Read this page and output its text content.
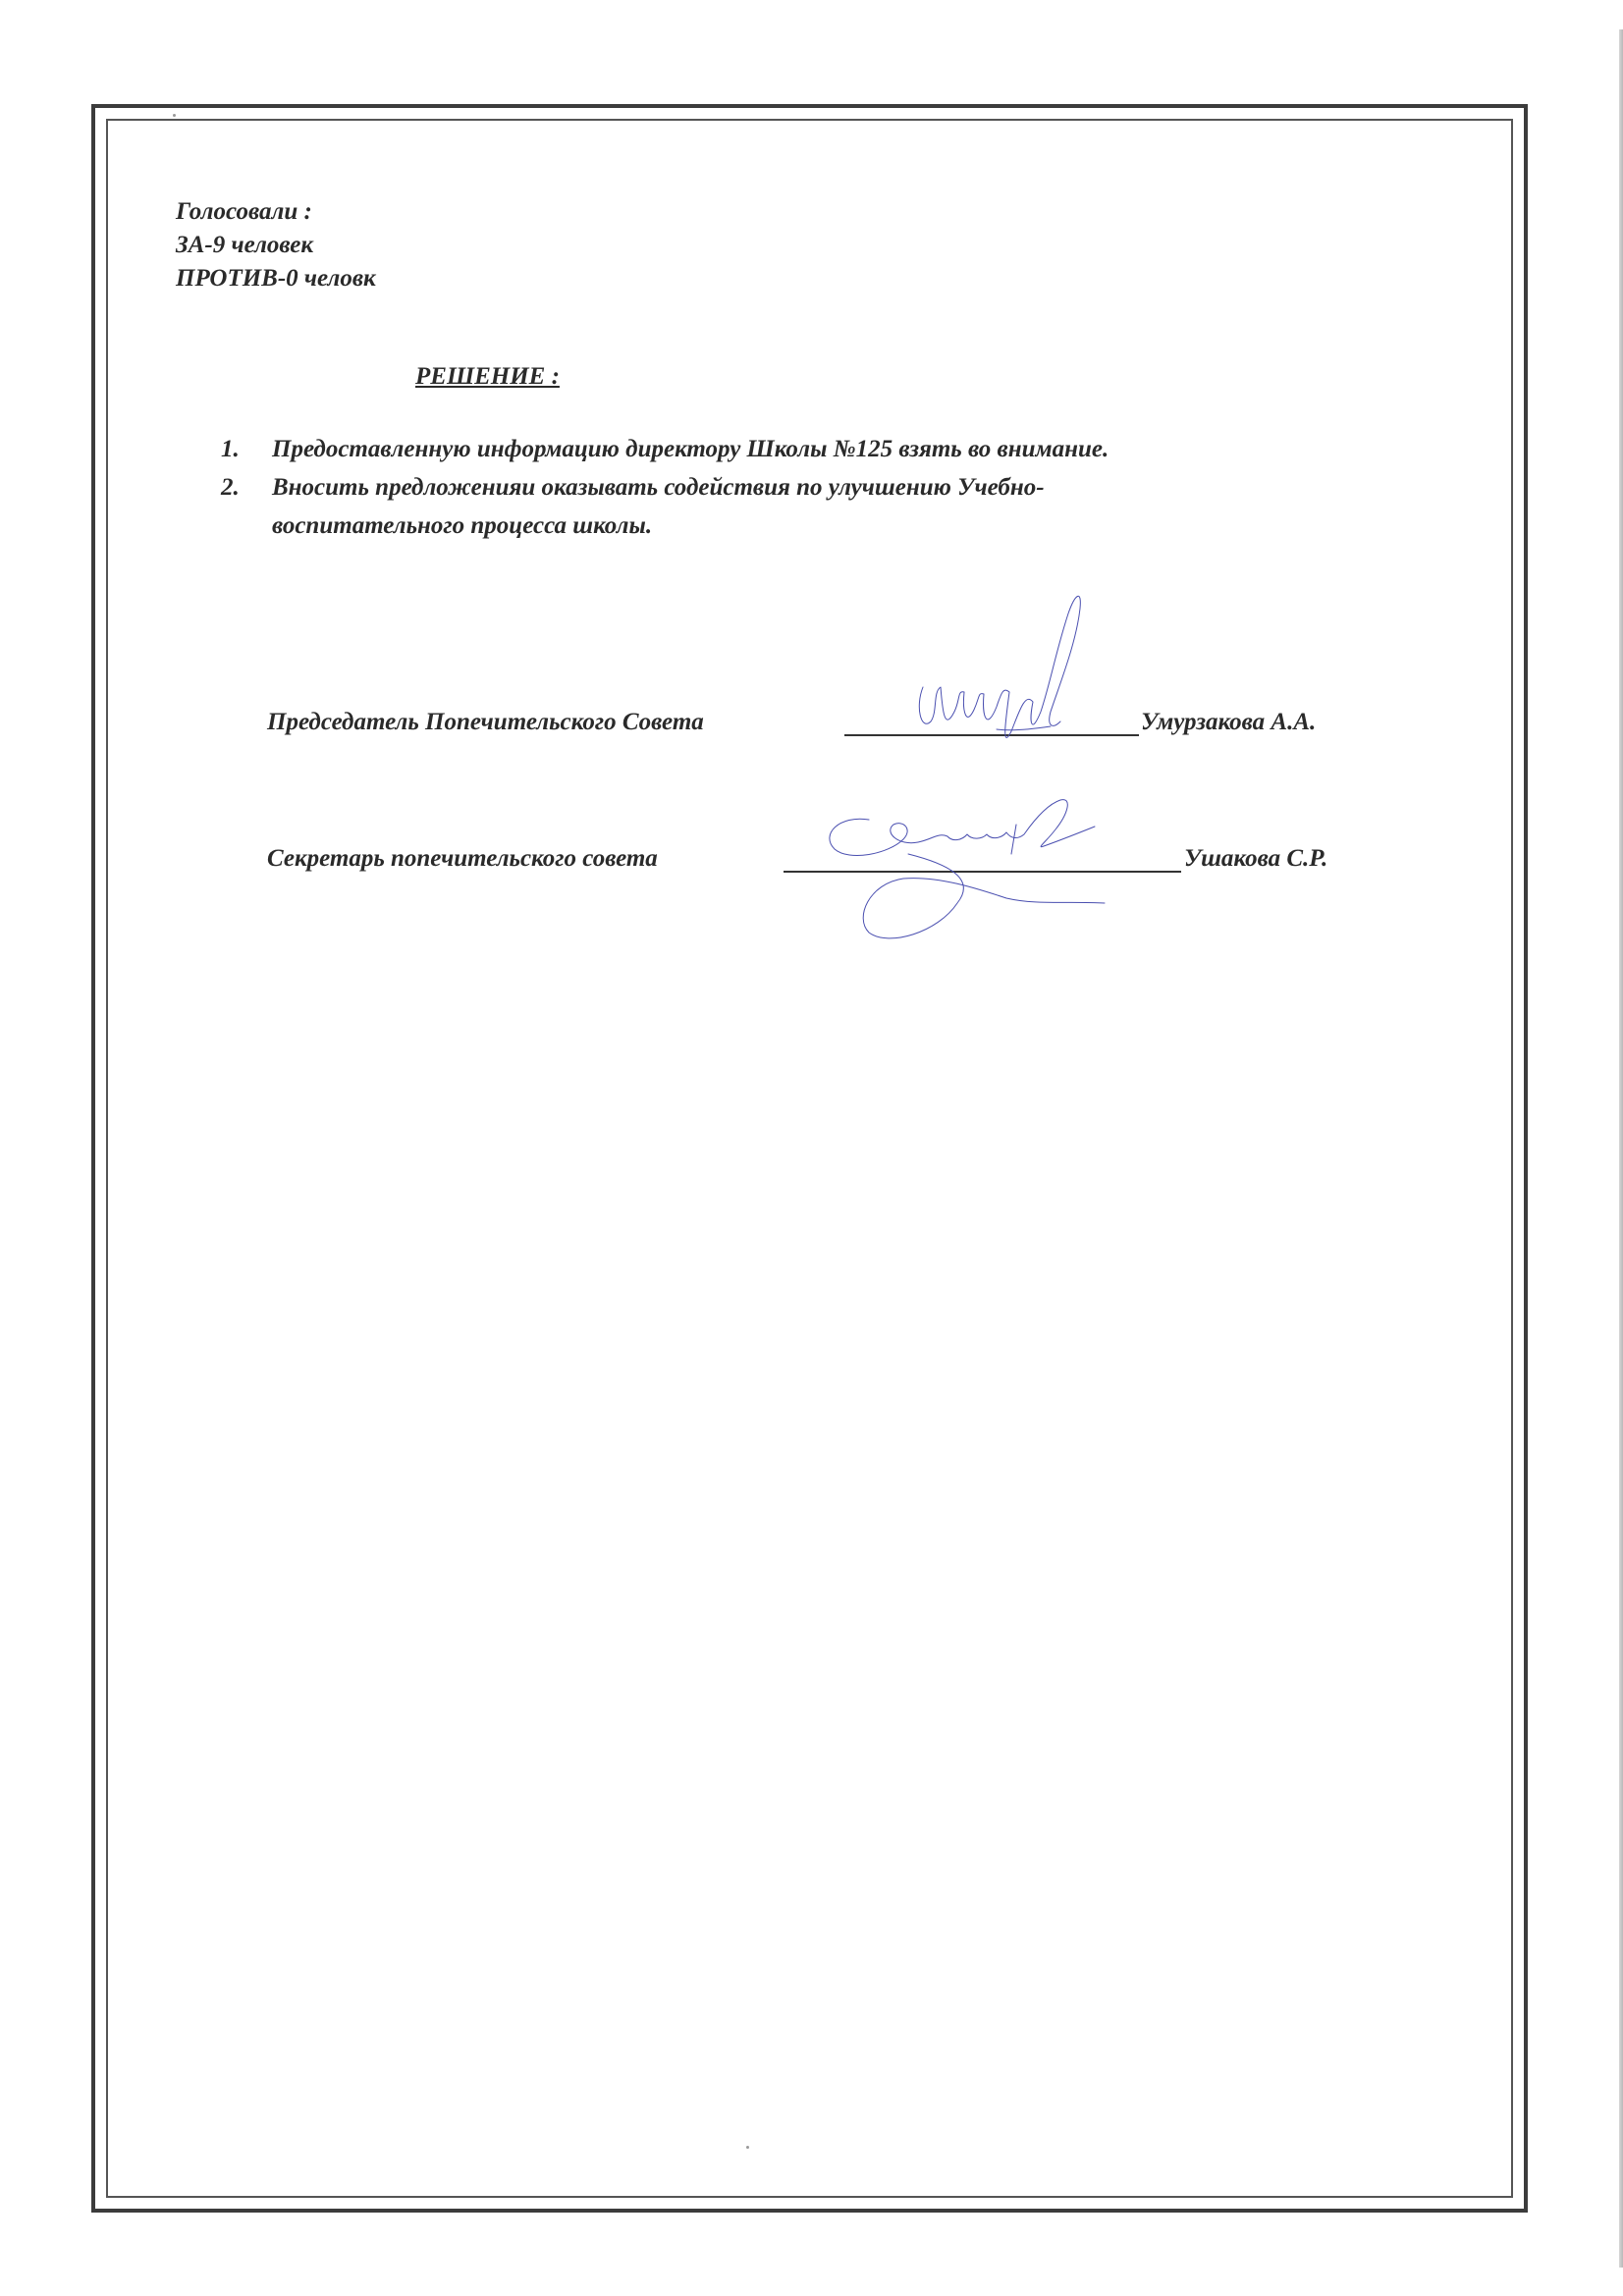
Голосовали :
ЗА-9 человек
ПРОТИВ-0 человк
РЕШЕНИЕ :
1. Предоставленную информацию директору Школы №125 взять во внимание.
2. Вносить предложенияи оказывать содействия по улучшению Учебно-
воспитательного процесса школы.
Председатель Попечительского Совета	Умурзакова А.А.
Секретарь попечительского совета	Ушакова С.Р.
